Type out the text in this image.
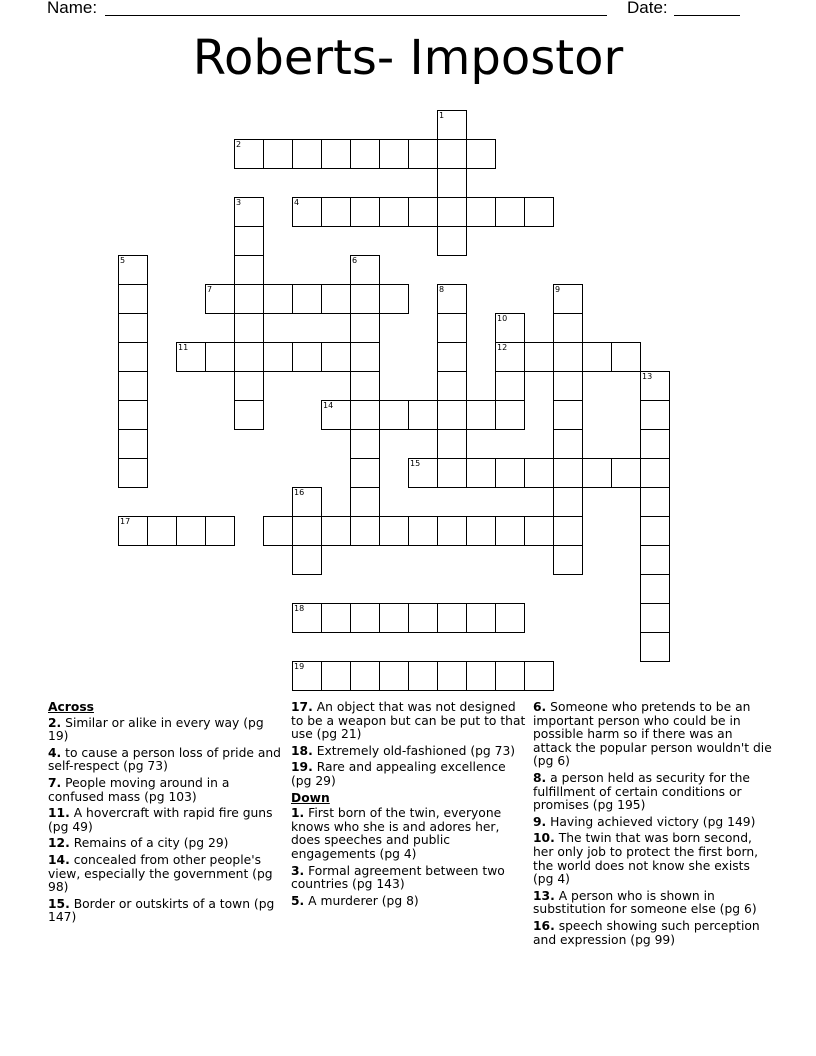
Name:	Date:
Roberts- Impostor
1
2
3	4
5	6
7	8	9
10
12
11
13
14
15
16
17
18
19
Across
2. Similar or alike in every way (pg 19)
4. to cause a person loss of pride and self-respect (pg 73)
7. People moving around in a confused mass (pg 103)
11. A hovercraft with rapid fire guns (pg 49)
12. Remains of a city (pg 29)
14. concealed from other people's view, especially the government (pg 98)
15. Border or outskirts of a town (pg 147)
17. An object that was not designed to be a weapon but can be put to that use (pg 21)
18. Extremely old-fashioned (pg 73)
19. Rare and appealing excellence (pg 29)
Down
1. First born of the twin, everyone knows who she is and adores her, does speeches and public engagements (pg 4)
3. Formal agreement between two countries (pg 143)
5. A murderer (pg 8)
6. Someone who pretends to be an important person who could be in possible harm so if there was an attack the popular person wouldn't die (pg 6)
8. a person held as security for the fulfillment of certain conditions or promises (pg 195)
9. Having achieved victory (pg 149)
10. The twin that was born second, her only job to protect the first born, the world does not know she exists (pg 4)
13. A person who is shown in substitution for someone else (pg 6)
16. speech showing such perception and expression (pg 99)
